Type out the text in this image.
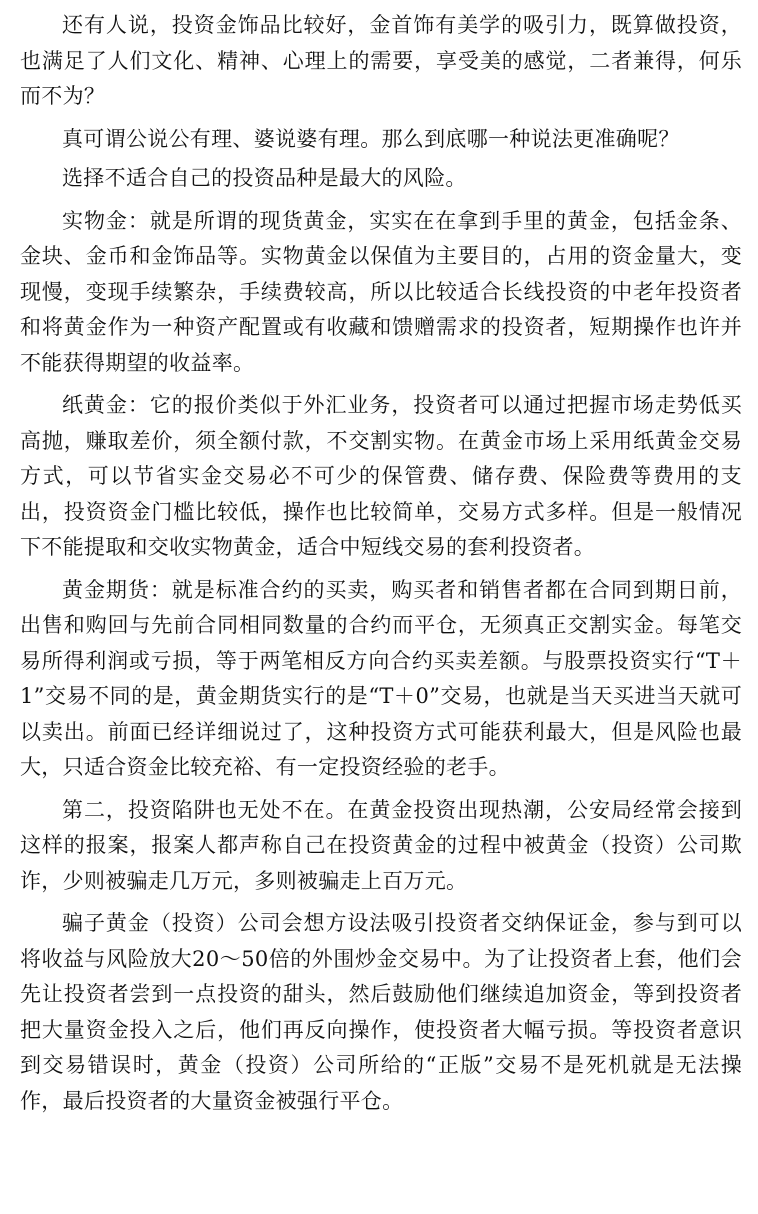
还有人说，投资金饰品比较好，金首饰有美学的吸引力，既算做投资，也满足了人们文化、精神、心理上的需要，享受美的感觉，二者兼得，何乐而不为？

真可谓公说公有理、婆说婆有理。那么到底哪一种说法更准确呢？

选择不适合自己的投资品种是最大的风险。

实物金：就是所谓的现货黄金，实实在在拿到手里的黄金，包括金条、金块、金币和金饰品等。实物黄金以保值为主要目的，占用的资金量大，变现慢，变现手续繁杂，手续费较高，所以比较适合长线投资的中老年投资者和将黄金作为一种资产配置或有收藏和馈赠需求的投资者，短期操作也许并不能获得期望的收益率。

纸黄金：它的报价类似于外汇业务，投资者可以通过把握市场走势低买高抛，赚取差价，须全额付款，不交割实物。在黄金市场上采用纸黄金交易方式，可以节省实金交易必不可少的保管费、储存费、保险费等费用的支出，投资资金门槛比较低，操作也比较简单，交易方式多样。但是一般情况下不能提取和交收实物黄金，适合中短线交易的套利投资者。

黄金期货：就是标准合约的买卖，购买者和销售者都在合同到期日前，出售和购回与先前合同相同数量的合约而平仓，无须真正交割实金。每笔交易所得利润或亏损，等于两笔相反方向合约买卖差额。与股票投资实行“T＋1”交易不同的是，黄金期货实行的是“T＋0”交易，也就是当天买进当天就可以卖出。前面已经详细说过了，这种投资方式可能获利最大，但是风险也最大，只适合资金比较充裕、有一定投资经验的老手。

第二，投资陷阱也无处不在。在黄金投资出现热潮，公安局经常会接到这样的报案，报案人都声称自己在投资黄金的过程中被黄金（投资）公司欺诈，少则被骗走几万元，多则被骗走上百万元。

骗子黄金（投资）公司会想方设法吸引投资者交纳保证金，参与到可以将收益与风险放大20～50倍的外围炒金交易中。为了让投资者上套，他们会先让投资者尝到一点投资的甜头，然后鼓励他们继续追加资金，等到投资者把大量资金投入之后，他们再反向操作，使投资者大幅亏损。等投资者意识到交易错误时，黄金（投资）公司所给的“正版”交易不是死机就是无法操作，最后投资者的大量资金被强行平仓。
